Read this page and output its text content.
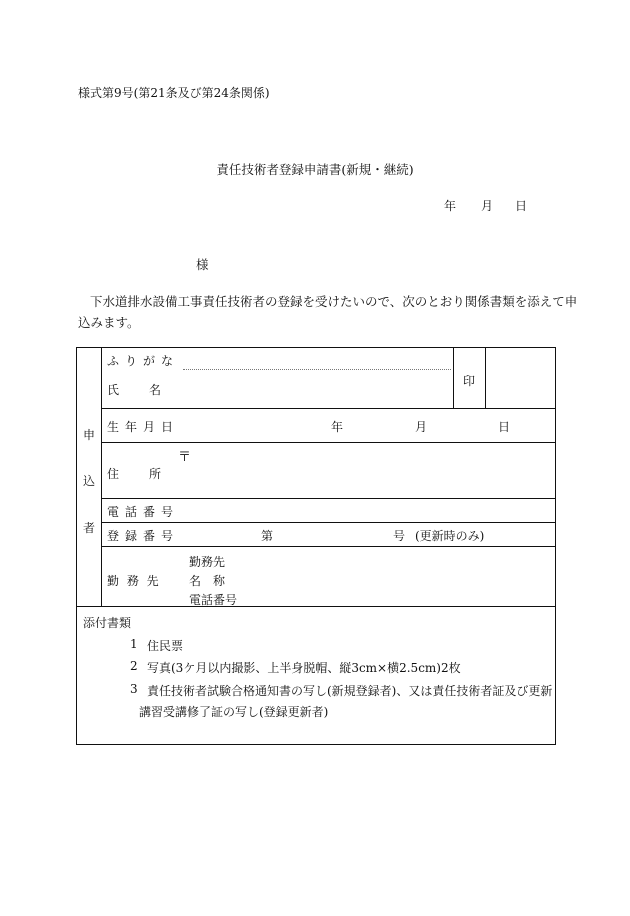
様式第9号(第21条及び第24条関係)
責任技術者登録申請書(新規・継続)
年 月 日
様
下水道排水設備工事責任技術者の登録を受けたいので、次のとおり関係書類を添えて申
込みます。
申
込
者
ふりがな
氏　　名
印
生年月日	年	月	日
〒
住　　所
電話番号
登録番号	第	号 (更新時のみ)
勤 務 先
勤務先
名　称
電話番号
添付書類
1 住民票
2 写真(3ケ月以内撮影、上半身脱帽、縦3cm×横2.5cm)2枚
3 責任技術者試験合格通知書の写し(新規登録者)、又は責任技術者証及び更新
講習受講修了証の写し(登録更新者)
